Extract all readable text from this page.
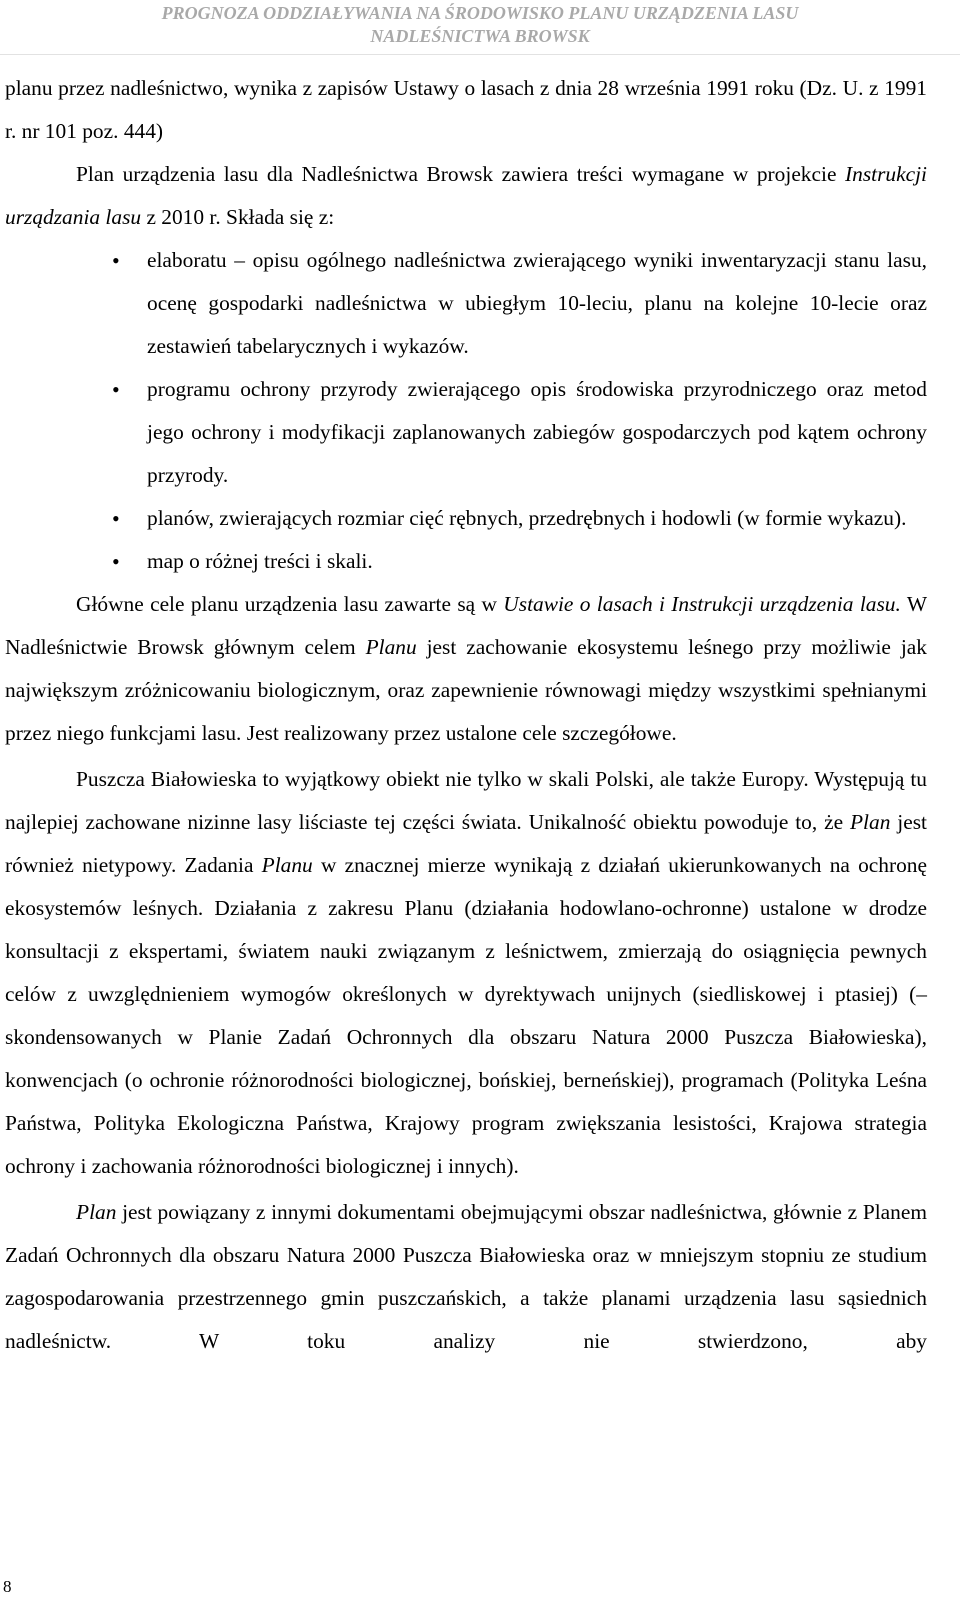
PROGNOZA ODDZIAŁYWANIA NA ŚRODOWISKO PLANU URZĄDZENIA LASU
NADLEŚNICTWA BROWSK

planu przez nadleśnictwo, wynika z zapisów Ustawy o lasach z dnia 28 września 1991 roku (Dz. U. z 1991 r. nr 101 poz. 444)

Plan urządzenia lasu dla Nadleśnictwa Browsk zawiera treści wymagane w projekcie Instrukcji urządzania lasu z 2010 r. Składa się z:

• elaboratu – opisu ogólnego nadleśnictwa zwierającego wyniki inwentaryzacji stanu lasu, ocenę gospodarki nadleśnictwa w ubiegłym 10-leciu, planu na kolejne 10-lecie oraz zestawień tabelarycznych i wykazów.
• programu ochrony przyrody zwierającego opis środowiska przyrodniczego oraz metod jego ochrony i modyfikacji zaplanowanych zabiegów gospodarczych pod kątem ochrony przyrody.
• planów, zwierających rozmiar cięć rębnych, przedrębnych i hodowli (w formie wykazu).
• map o różnej treści i skali.

Główne cele planu urządzenia lasu zawarte są w Ustawie o lasach i Instrukcji urządzenia lasu. W Nadleśnictwie Browsk głównym celem Planu jest zachowanie ekosystemu leśnego przy możliwie jak największym zróżnicowaniu biologicznym, oraz zapewnienie równowagi między wszystkimi spełnianymi przez niego funkcjami lasu. Jest realizowany przez ustalone cele szczegółowe.

Puszcza Białowieska to wyjątkowy obiekt nie tylko w skali Polski, ale także Europy. Występują tu najlepiej zachowane nizinne lasy liściaste tej części świata. Unikalność obiektu powoduje to, że Plan jest również nietypowy. Zadania Planu w znacznej mierze wynikają z działań ukierunkowanych na ochronę ekosystemów leśnych. Działania z zakresu Planu (działania hodowlano-ochronne) ustalone w drodze konsultacji z ekspertami, światem nauki związanym z leśnictwem, zmierzają do osiągnięcia pewnych celów z uwzględnieniem wymogów określonych w dyrektywach unijnych (siedliskowej i ptasiej) (– skondensowanych w Planie Zadań Ochronnych dla obszaru Natura 2000 Puszcza Białowieska), konwencjach (o ochronie różnorodności biologicznej, bońskiej, berneńskiej), programach (Polityka Leśna Państwa, Polityka Ekologiczna Państwa, Krajowy program zwiększania lesistości, Krajowa strategia ochrony i zachowania różnorodności biologicznej i innych).

Plan jest powiązany z innymi dokumentami obejmującymi obszar nadleśnictwa, głównie z Planem Zadań Ochronnych dla obszaru Natura 2000 Puszcza Białowieska oraz w mniejszym stopniu ze studium zagospodarowania przestrzennego gmin puszczańskich, a także planami urządzenia lasu sąsiednich nadleśnictw. W toku analizy nie stwierdzono, aby

8
